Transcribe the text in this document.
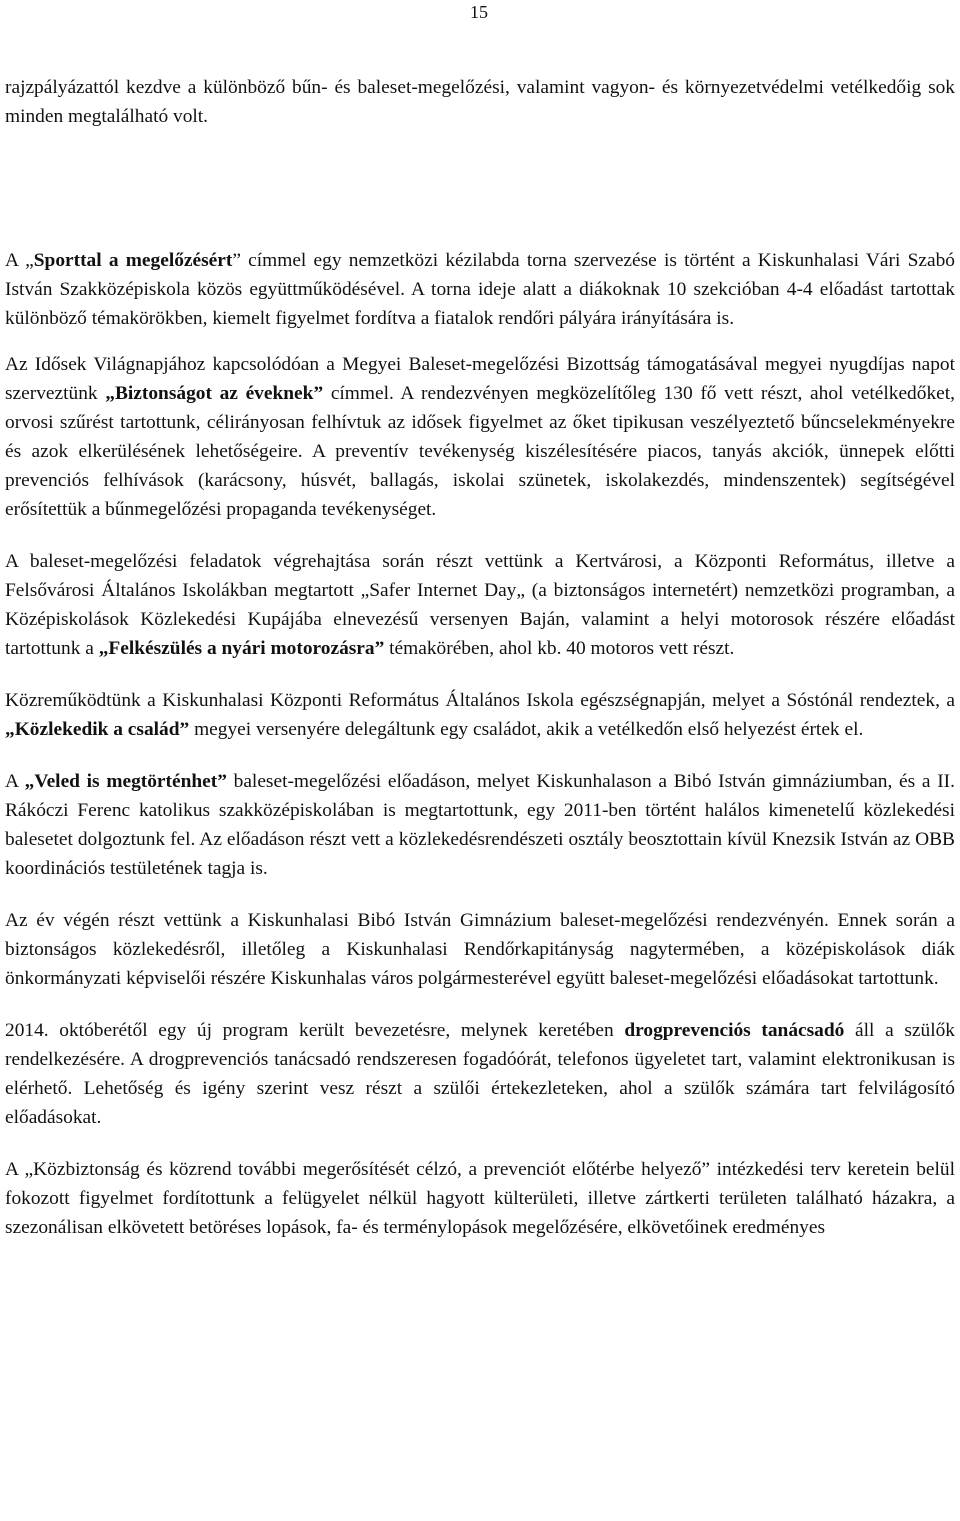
15

rajzpályázattól kezdve a különböző bűn- és baleset-megelőzési, valamint vagyon- és környezetvédelmi vetélkedőig sok minden megtalálható volt.

A „Sporttal a megelőzésért” címmel egy nemzetközi kézilabda torna szervezése is történt a Kiskunhalasi Vári Szabó István Szakközépiskola közös együttműködésével. A torna ideje alatt a diákoknak 10 szekcióban 4-4 előadást tartottak különböző témakörökben, kiemelt figyelmet fordítva a fiatalok rendőri pályára irányítására is.

Az Idősek Világnapjához kapcsolódóan a Megyei Baleset-megelőzési Bizottság támogatásával megyei nyugdíjas napot szerveztünk „Biztonságot az éveknek” címmel. A rendezvényen megközelítőleg 130 fő vett részt, ahol vetélkedőket, orvosi szűrést tartottunk, célirányosan felhívtuk az idősek figyelmet az őket tipikusan veszélyeztető bűncselekményekre és azok elkerülésének lehetőségeire. A preventív tevékenység kiszélesítésére piacos, tanyás akciók, ünnepek előtti prevenciós felhívások (karácsony, húsvét, ballagás, iskolai szünetek, iskolakezdés, mindenszentek) segítségével erősítettük a bűnmegelőzési propaganda tevékenységet.

A baleset-megelőzési feladatok végrehajtása során részt vettünk a Kertvárosi, a Központi Református, illetve a Felsővárosi Általános Iskolákban megtartott „Safer Internet Day„ (a biztonságos internetért) nemzetközi programban, a Középiskolások Közlekedési Kupájába elnevezésű versenyen Baján, valamint a helyi motorosok részére előadást tartottunk a „Felkészülés a nyári motorozásra” témakörében, ahol kb. 40 motoros vett részt.

Közreműködtünk a Kiskunhalasi Központi Református Általános Iskola egészségnapján, melyet a Sóstónál rendeztek, a „Közlekedik a család” megyei versenyére delegáltunk egy családot, akik a vetélkedőn első helyezést értek el.

A „Veled is megtörténhet” baleset-megelőzési előadáson, melyet Kiskunhalason a Bibó István gimnáziumban, és a II. Rákóczi Ferenc katolikus szakközépiskolában is megtartottunk, egy 2011-ben történt halálos kimenetelű közlekedési balesetet dolgoztunk fel. Az előadáson részt vett a közlekedésrendészeti osztály beosztottain kívül Knezsik István az OBB koordinációs testületének tagja is.

Az év végén részt vettünk a Kiskunhalasi Bibó István Gimnázium baleset-megelőzési rendezvényén. Ennek során a biztonságos közlekedésről, illetőleg a Kiskunhalasi Rendőrkapitányság nagytermében, a középiskolások diák önkormányzati képviselői részére Kiskunhalas város polgármesterével együtt baleset-megelőzési előadásokat tartottunk.

2014. októberétől egy új program került bevezetésre, melynek keretében drogprevenciós tanácsadó áll a szülők rendelkezésére. A drogprevenciós tanácsadó rendszeresen fogadóórát, telefonos ügyeletet tart, valamint elektronikusan is elérhető. Lehetőség és igény szerint vesz részt a szülői értekezleteken, ahol a szülők számára tart felvilágosító előadásokat.

A „Közbiztonság és közrend további megerősítését célzó, a prevenciót előtérbe helyező” intézkedési terv keretein belül fokozott figyelmet fordítottunk a felügyelet nélkül hagyott külterületi, illetve zártkerti területen található házakra, a szezonálisan elkövetett betöréses lopások, fa- és terménylopások megelőzésére, elkövetőinek eredményes
